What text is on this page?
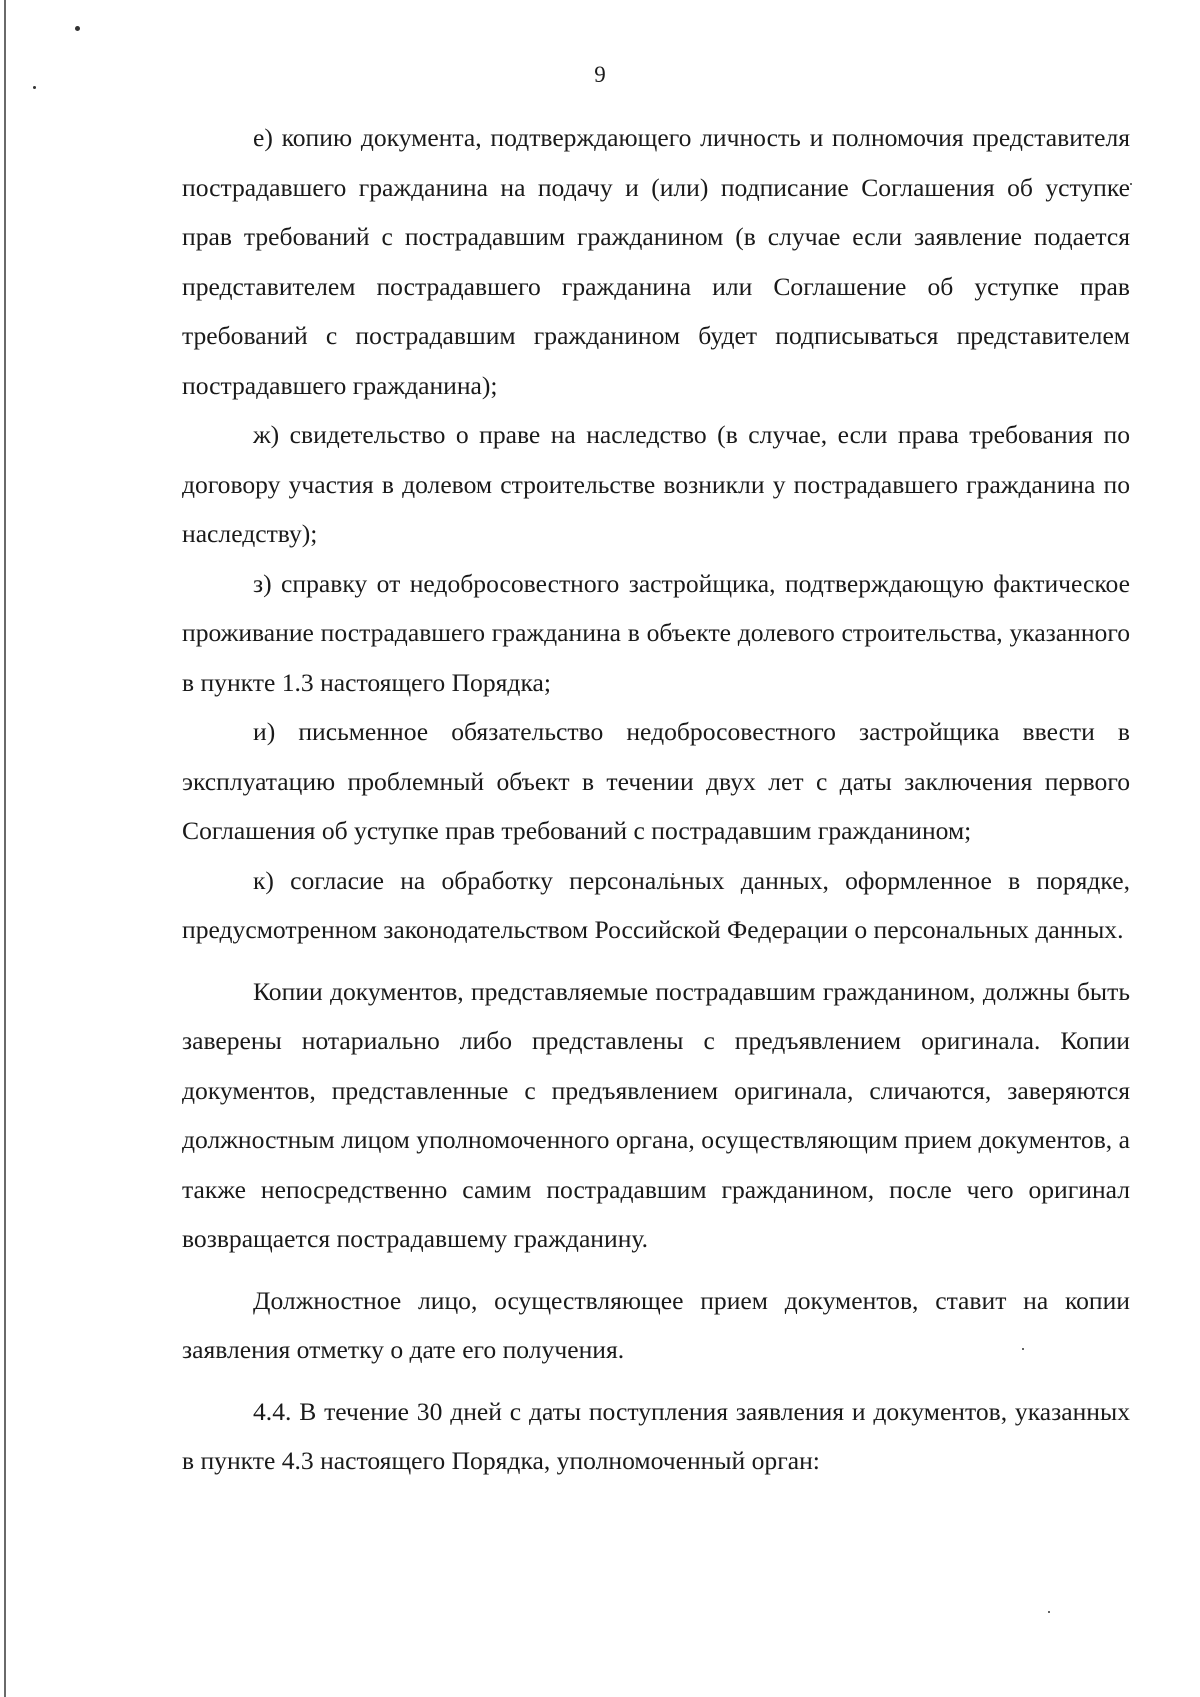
9

е) копию документа, подтверждающего личность и полномочия представителя пострадавшего гражданина на подачу и (или) подписание Соглашения об уступке прав требований с пострадавшим гражданином (в случае если заявление подается представителем пострадавшего гражданина или Соглашение об уступке прав требований с пострадавшим гражданином будет подписываться представителем пострадавшего гражданина);

ж) свидетельство о праве на наследство (в случае, если права требования по договору участия в долевом строительстве возникли у пострадавшего гражданина по наследству);

з) справку от недобросовестного застройщика, подтверждающую фактическое проживание пострадавшего гражданина в объекте долевого строительства, указанного в пункте 1.3 настоящего Порядка;

и) письменное обязательство недобросовестного застройщика ввести в эксплуатацию проблемный объект в течении двух лет с даты заключения первого Соглашения об уступке прав требований с пострадавшим гражданином;

к) согласие на обработку персональных данных, оформленное в порядке, предусмотренном законодательством Российской Федерации о персональных данных.

Копии документов, представляемые пострадавшим гражданином, должны быть заверены нотариально либо представлены с предъявлением оригинала. Копии документов, представленные с предъявлением оригинала, сличаются, заверяются должностным лицом уполномоченного органа, осуществляющим прием документов, а также непосредственно самим пострадавшим гражданином, после чего оригинал возвращается пострадавшему гражданину.

Должностное лицо, осуществляющее прием документов, ставит на копии заявления отметку о дате его получения.

4.4. В течение 30 дней с даты поступления заявления и документов, указанных в пункте 4.3 настоящего Порядка, уполномоченный орган:
